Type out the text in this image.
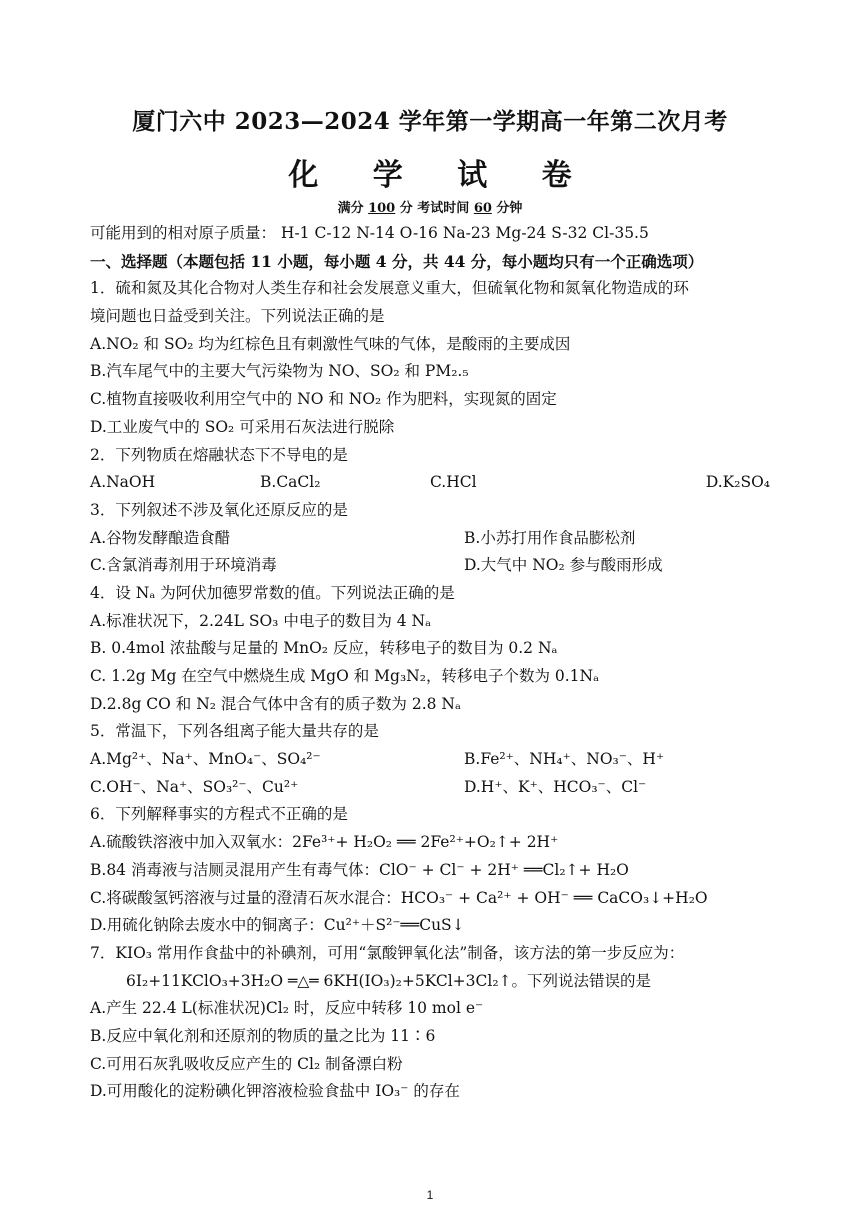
厦门六中 2023—2024 学年第一学期高一年第二次月考
化 学 试 卷
满分 100 分 考试时间 60 分钟
可能用到的相对原子质量： H-1 C-12 N-14 O-16 Na-23 Mg-24 S-32 Cl-35.5
一、选择题（本题包括 11 小题，每小题 4 分，共 44 分，每小题均只有一个正确选项）
1．硫和氮及其化合物对人类生存和社会发展意义重大，但硫氧化物和氮氧化物造成的环
境问题也日益受到关注。下列说法正确的是
A.NO₂ 和 SO₂ 均为红棕色且有刺激性气味的气体，是酸雨的主要成因
B.汽车尾气中的主要大气污染物为 NO、SO₂ 和 PM₂.₅
C.植物直接吸收利用空气中的 NO 和 NO₂ 作为肥料，实现氮的固定
D.工业废气中的 SO₂ 可采用石灰法进行脱除
2．下列物质在熔融状态下不导电的是
A.NaOH	B.CaCl₂	C.HCl	D.K₂SO₄
3．下列叙述不涉及氧化还原反应的是
A.谷物发酵酿造食醋	B.小苏打用作食品膨松剂
C.含氯消毒剂用于环境消毒	D.大气中 NO₂ 参与酸雨形成
4．设 Nₐ 为阿伏加德罗常数的值。下列说法正确的是
A.标准状况下，2.24L SO₃ 中电子的数目为 4 Nₐ
B. 0.4mol 浓盐酸与足量的 MnO₂ 反应，转移电子的数目为 0.2 Nₐ
C. 1.2g Mg 在空气中燃烧生成 MgO 和 Mg₃N₂，转移电子个数为 0.1Nₐ
D.2.8g CO 和 N₂ 混合气体中含有的质子数为 2.8 Nₐ
5．常温下，下列各组离子能大量共存的是
A.Mg²⁺、Na⁺、MnO₄⁻、SO₄²⁻	B.Fe²⁺、NH₄⁺、NO₃⁻、H⁺
C.OH⁻、Na⁺、SO₃²⁻、Cu²⁺	D.H⁺、K⁺、HCO₃⁻、Cl⁻
6．下列解释事实的方程式不正确的是
A.硫酸铁溶液中加入双氧水：2Fe³⁺+ H₂O₂ ══ 2Fe²⁺+O₂↑+ 2H⁺
B.84 消毒液与洁厕灵混用产生有毒气体：ClO⁻ + Cl⁻ + 2H⁺ ══Cl₂↑+ H₂O
C.将碳酸氢钙溶液与过量的澄清石灰水混合：HCO₃⁻ + Ca²⁺ + OH⁻ ══ CaCO₃↓+H₂O
D.用硫化钠除去废水中的铜离子：Cu²⁺＋S²⁻══CuS↓
7．KIO₃ 常用作食盐中的补碘剂，可用“氯酸钾氧化法”制备，该方法的第一步反应为：
6I₂+11KClO₃+3H₂O ═△═ 6KH(IO₃)₂+5KCl+3Cl₂↑。下列说法错误的是
A.产生 22.4 L(标准状况)Cl₂ 时，反应中转移 10 mol e⁻
B.反应中氧化剂和还原剂的物质的量之比为 11∶6
C.可用石灰乳吸收反应产生的 Cl₂ 制备漂白粉
D.可用酸化的淀粉碘化钾溶液检验食盐中 IO₃⁻ 的存在
1
